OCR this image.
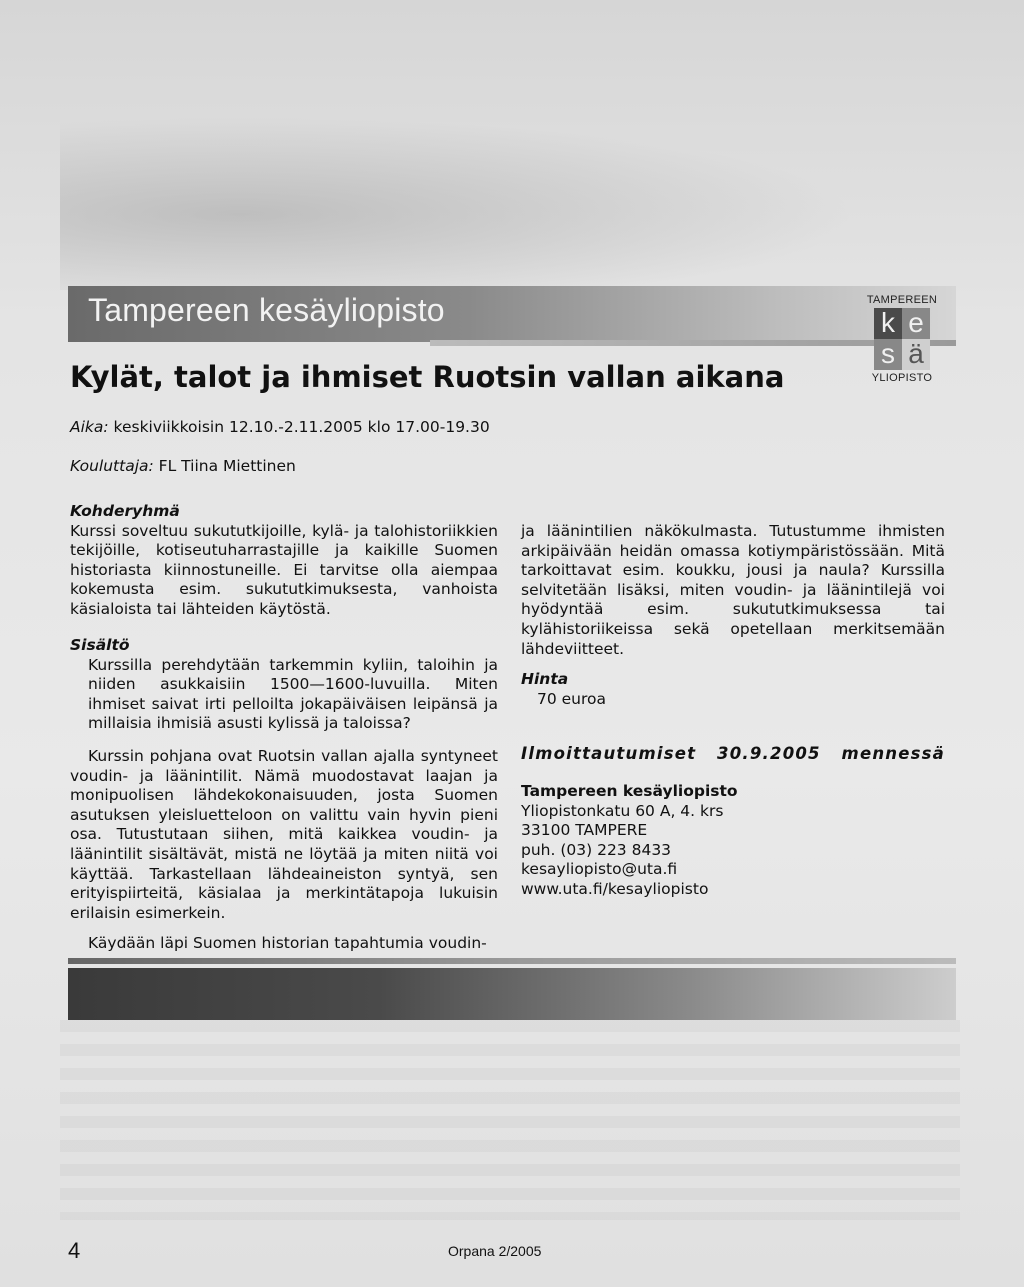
Tampereen kesäyliopisto	TAMPEREEN
k e
s ä
YLIOPISTO
Kylät, talot ja ihmiset Ruotsin vallan aikana
Aika: keskiviikkoisin 12.10.-2.11.2005 klo 17.00-19.30
Kouluttaja: FL Tiina Miettinen

Kohderyhmä

Kurssi soveltuu sukututkijoille, kylä- ja talohistoriikkien tekijöille, kotiseutuharrastajille ja kaikille Suomen historiasta kiinnostuneille. Ei tarvitse olla aiempaa kokemusta esim. sukututkimuksesta, vanhoista käsialoista tai lähteiden käytöstä.

Sisältö

Kurssilla perehdytään tarkemmin kyliin, taloihin ja niiden asukkaisiin 1500—1600-luvuilla. Miten ihmiset saivat irti pelloilta jokapäiväisen leipänsä ja millaisia ihmisiä asusti kylissä ja taloissa?

Kurssin pohjana ovat Ruotsin vallan ajalla syntyneet voudin- ja läänintilit. Nämä muodostavat laajan ja monipuolisen lähdekokonaisuuden, josta Suomen asutuksen yleisluetteloon on valittu vain hyvin pieni osa. Tutustutaan siihen, mitä kaikkea voudin- ja läänintilit sisältävät, mistä ne löytää ja miten niitä voi käyttää. Tarkastellaan lähdeaineiston syntyä, sen erityispiirteitä, käsialaa ja merkintätapoja lukuisin erilaisin esimerkein.

Käydään läpi Suomen historian tapahtumia voudin-

ja läänintilien näkökulmasta. Tutustumme ihmisten arkipäivään heidän omassa kotiympäristössään. Mitä tarkoittavat esim. koukku, jousi ja naula? Kurssilla selvitetään lisäksi, miten voudin- ja läänintilejä voi hyödyntää esim. sukututkimuksessa tai kylähistoriikeissa sekä opetellaan merkitsemään lähdeviitteet.

Hinta

70 euroa

Ilmoittautumiset 30.9.2005 mennessä
Tampereen kesäyliopisto
Yliopistonkatu 60 A, 4. krs
33100 TAMPERE
puh. (03) 223 8433
kesayliopisto@uta.fi
www.uta.fi/kesayliopisto
4	Orpana 2/2005
